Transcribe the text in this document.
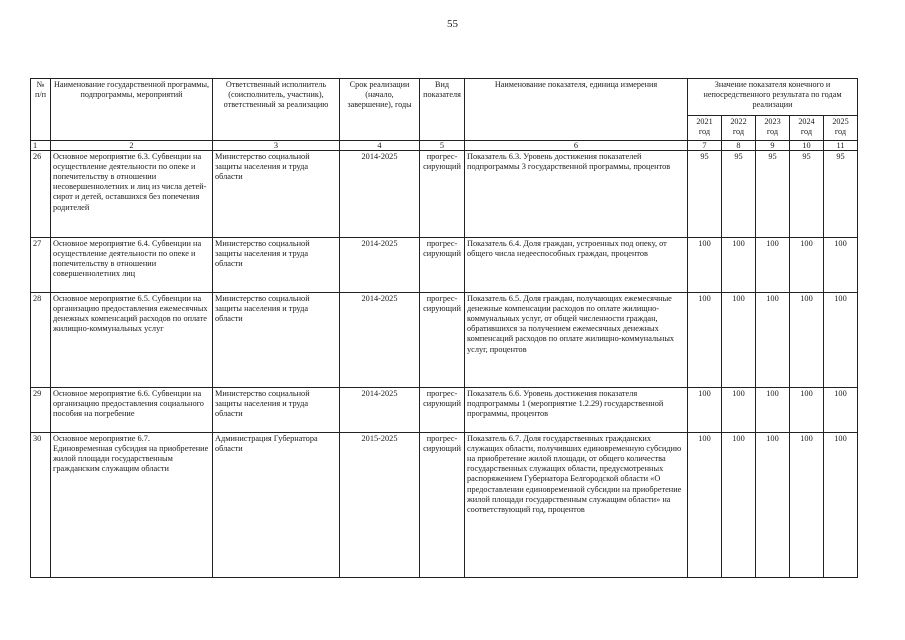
55
№ п/п	Наименование государственной программы, подпрограммы, мероприятий	Ответственный исполнитель (соисполнитель, участник), ответственный за реализацию	Срок реализации (начало, завершение), годы	Вид показателя	Наименование показателя, единица измерения	Значение показателя конечного и непосредственного результата по годам реализации				
						2021 год	2022 год	2023 год	2024 год	2025 год
1	2	3	4	5	6	7	8	9	10	11
26	Основное мероприятие 6.3. Субвенции на осуществление деятельности по опеке и попечительству в отношении несовершеннолетних и лиц из числа детей-сирот и детей, оставшихся без попечения родителей	Министерство социальной защиты населения и труда области	2014-2025	прогрес-сирующий	Показатель 6.3. Уровень достижения показателей подпрограммы 3 государственной программы, процентов	95	95	95	95	95
27	Основное мероприятие 6.4. Субвенции на осуществление деятельности по опеке и попечительству в отношении совершеннолетних лиц	Министерство социальной защиты населения и труда области	2014-2025	прогрес-сирующий	Показатель 6.4. Доля граждан, устроенных под опеку, от общего числа недееспособных граждан, процентов	100	100	100	100	100
28	Основное мероприятие 6.5. Субвенции на организацию предоставления ежемесячных денежных компенсаций расходов по оплате жилищно-коммунальных услуг	Министерство социальной защиты населения и труда области	2014-2025	прогрес-сирующий	Показатель 6.5. Доля граждан, получающих ежемесячные денежные компенсации расходов по оплате жилищно-коммунальных услуг, от общей численности граждан, обратившихся за получением ежемесячных денежных компенсаций расходов по оплате жилищно-коммунальных услуг, процентов	100	100	100	100	100
29	Основное мероприятие 6.6. Субвенции на организацию предоставления социального пособия на погребение	Министерство социальной защиты населения и труда области	2014-2025	прогрес-сирующий	Показатель 6.6. Уровень достижения показателя подпрограммы 1 (мероприятие 1.2.29) государственной программы, процентов	100	100	100	100	100
30	Основное мероприятие 6.7. Единовременная субсидия на приобретение жилой площади государственным гражданским служащим области	Администрация Губернатора области	2015-2025	прогрес-сирующий	Показатель 6.7. Доля государственных гражданских служащих области, получивших единовременную субсидию на приобретение жилой площади, от общего количества государственных служащих области, предусмотренных распоряжением Губернатора Белгородской области «О предоставлении единовременной субсидии на приобретение жилой площади государственным служащим области» на соответствующий год, процентов	100	100	100	100	100
